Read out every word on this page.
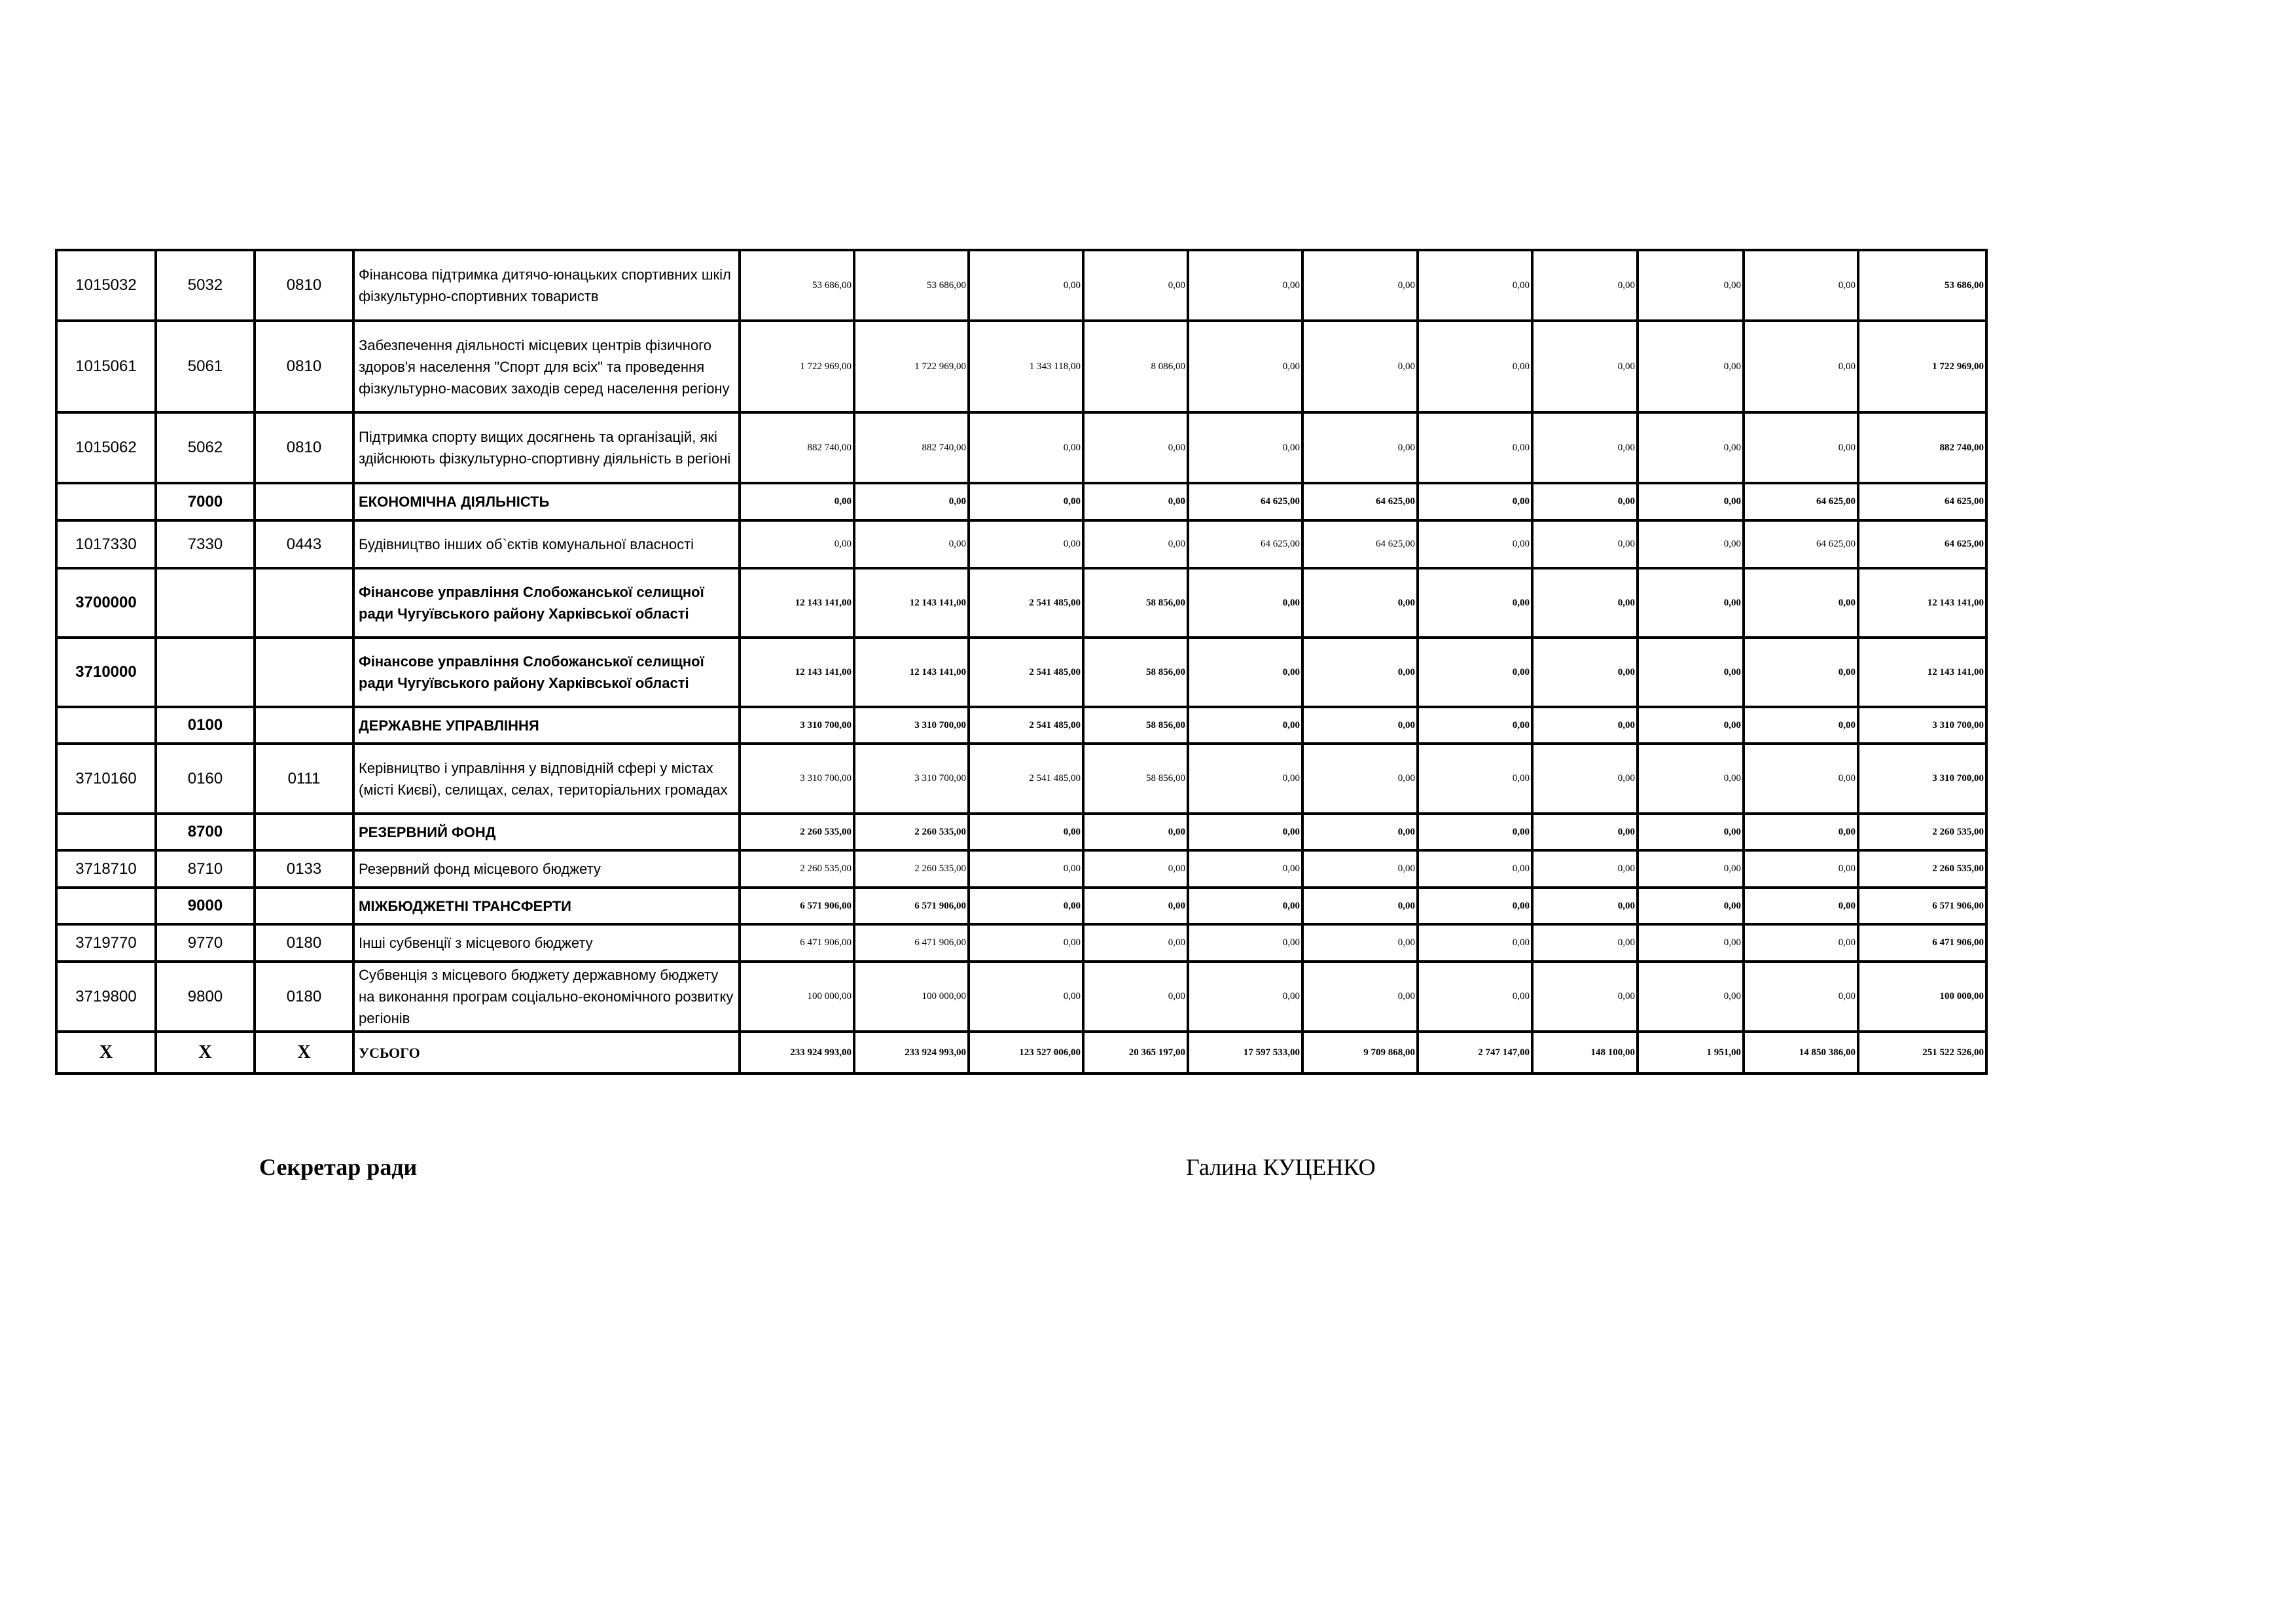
1015032	5032	0810	Фінансова підтримка дитячо-юнацьких спортивних шкіл фізкультурно-спортивних товариств	53 686,00	53 686,00	0,00	0,00	0,00	0,00	0,00	0,00	0,00	0,00	53 686,00
1015061	5061	0810	Забезпечення діяльності місцевих центрів фізичного здоров'я населення "Спорт для всіх" та проведення фізкультурно-масових заходів серед населення регіону	1 722 969,00	1 722 969,00	1 343 118,00	8 086,00	0,00	0,00	0,00	0,00	0,00	0,00	1 722 969,00
1015062	5062	0810	Підтримка спорту вищих досягнень та організацій, які здійснюють фізкультурно-спортивну діяльність в регіоні	882 740,00	882 740,00	0,00	0,00	0,00	0,00	0,00	0,00	0,00	0,00	882 740,00
	7000		ЕКОНОМІЧНА ДІЯЛЬНІСТЬ	0,00	0,00	0,00	0,00	64 625,00	64 625,00	0,00	0,00	0,00	64 625,00	64 625,00
1017330	7330	0443	Будівництво інших об`єктів комунальної власності	0,00	0,00	0,00	0,00	64 625,00	64 625,00	0,00	0,00	0,00	64 625,00	64 625,00
3700000			Фінансове управління Слобожанської селищної ради Чугуївського району Харківської області	12 143 141,00	12 143 141,00	2 541 485,00	58 856,00	0,00	0,00	0,00	0,00	0,00	0,00	12 143 141,00
3710000			Фінансове управління Слобожанської селищної ради Чугуївського району Харківської області	12 143 141,00	12 143 141,00	2 541 485,00	58 856,00	0,00	0,00	0,00	0,00	0,00	0,00	12 143 141,00
	0100		ДЕРЖАВНЕ УПРАВЛІННЯ	3 310 700,00	3 310 700,00	2 541 485,00	58 856,00	0,00	0,00	0,00	0,00	0,00	0,00	3 310 700,00
3710160	0160	0111	Керівництво і управління у відповідній сфері у містах (місті Києві), селищах, селах, територіальних громадах	3 310 700,00	3 310 700,00	2 541 485,00	58 856,00	0,00	0,00	0,00	0,00	0,00	0,00	3 310 700,00
	8700		РЕЗЕРВНИЙ ФОНД	2 260 535,00	2 260 535,00	0,00	0,00	0,00	0,00	0,00	0,00	0,00	0,00	2 260 535,00
3718710	8710	0133	Резервний фонд місцевого бюджету	2 260 535,00	2 260 535,00	0,00	0,00	0,00	0,00	0,00	0,00	0,00	0,00	2 260 535,00
	9000		МІЖБЮДЖЕТНІ ТРАНСФЕРТИ	6 571 906,00	6 571 906,00	0,00	0,00	0,00	0,00	0,00	0,00	0,00	0,00	6 571 906,00
3719770	9770	0180	Інші субвенції з місцевого бюджету	6 471 906,00	6 471 906,00	0,00	0,00	0,00	0,00	0,00	0,00	0,00	0,00	6 471 906,00
3719800	9800	0180	Субвенція з місцевого бюджету державному бюджету на виконання програм соціально-економічного розвитку регіонів	100 000,00	100 000,00	0,00	0,00	0,00	0,00	0,00	0,00	0,00	0,00	100 000,00
Х	Х	Х	УСЬОГО	233 924 993,00	233 924 993,00	123 527 006,00	20 365 197,00	17 597 533,00	9 709 868,00	2 747 147,00	148 100,00	1 951,00	14 850 386,00	251 522 526,00
Секретар ради	Галина КУЦЕНКО
